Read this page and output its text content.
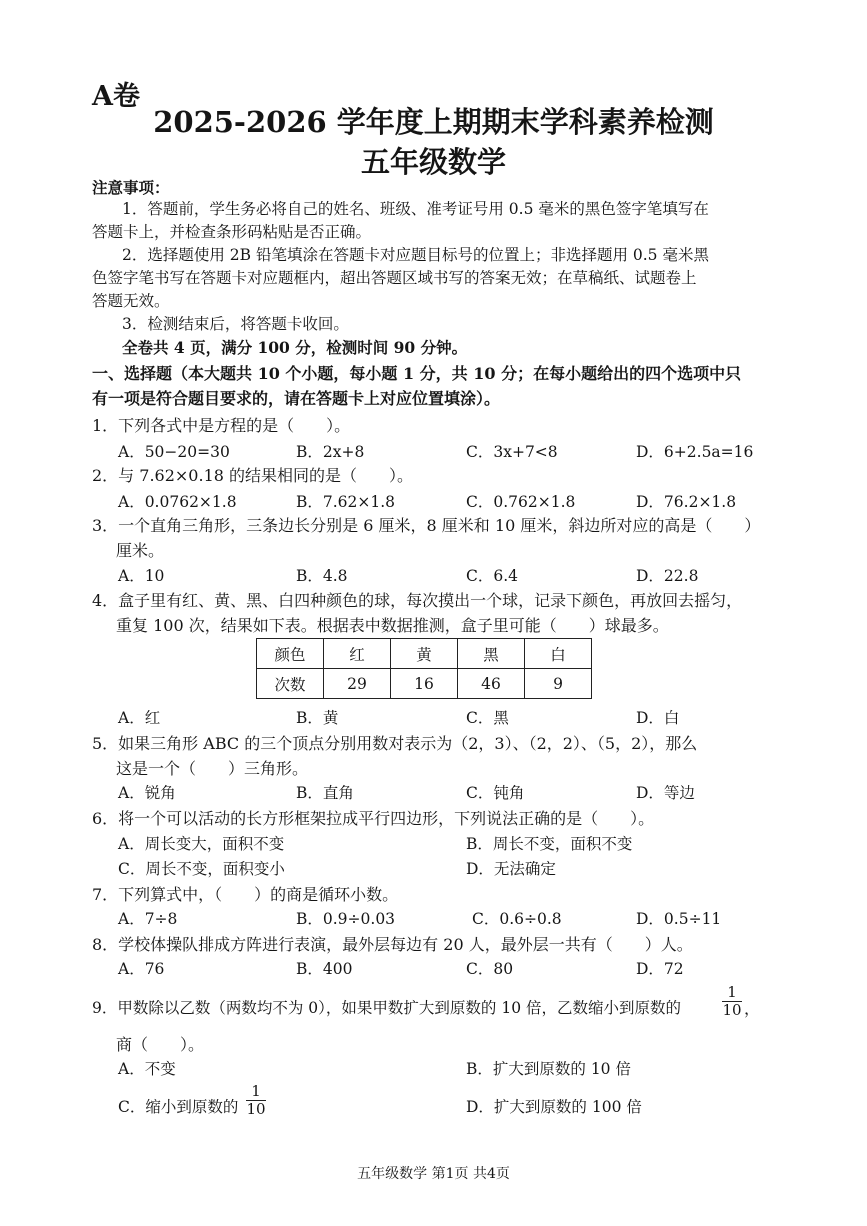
A卷
2025-2026 学年度上期期末学科素养检测
五年级数学
注意事项：
1．答题前，学生务必将自己的姓名、班级、准考证号用 0.5 毫米的黑色签字笔填写在
答题卡上，并检查条形码粘贴是否正确。
2．选择题使用 2B 铅笔填涂在答题卡对应题目标号的位置上；非选择题用 0.5 毫米黑
色签字笔书写在答题卡对应题框内，超出答题区域书写的答案无效；在草稿纸、试题卷上
答题无效。
3．检测结束后，将答题卡收回。
全卷共 4 页，满分 100 分，检测时间 90 分钟。
一、选择题（本大题共 10 个小题，每小题 1 分，共 10 分；在每小题给出的四个选项中只
有一项是符合题目要求的，请在答题卡上对应位置填涂）。
1．下列各式中是方程的是（　　）。
A．50−20=30	B．2x+8	C．3x+7<8	D．6+2.5a=16
2．与 7.62×0.18 的结果相同的是（　　）。
A．0.0762×1.8	B．7.62×1.8	C．0.762×1.8	D．76.2×1.8
3．一个直角三角形，三条边长分别是 6 厘米，8 厘米和 10 厘米，斜边所对应的高是（　　）
厘米。
A．10	B．4.8	C．6.4	D．22.8
4．盒子里有红、黄、黑、白四种颜色的球，每次摸出一个球，记录下颜色，再放回去摇匀，
重复 100 次，结果如下表。根据表中数据推测，盒子里可能（　　）球最多。
颜色	红	黄	黑	白
次数	29	16	46	9
A．红	B．黄	C．黑	D．白
5．如果三角形 ABC 的三个顶点分别用数对表示为（2，3）、（2，2）、（5，2），那么
这是一个（　　）三角形。
A．锐角	B．直角	C．钝角	D．等边
6．将一个可以活动的长方形框架拉成平行四边形，下列说法正确的是（　　）。
A．周长变大，面积不变	B．周长不变，面积不变
C．周长不变，面积变小	D．无法确定
7．下列算式中，（　　）的商是循环小数。
A．7÷8	B．0.9÷0.03	C．0.6÷0.8	D．0.5÷11
8．学校体操队排成方阵进行表演，最外层每边有 20 人，最外层一共有（　　）人。
A．76	B．400	C．80	D．72
9．甲数除以乙数（两数均不为 0），如果甲数扩大到原数的 10 倍，乙数缩小到原数的	$\frac{1}{10}$ ，
商（　　）。
A．不变	B．扩大到原数的 10 倍
C．缩小到原数的 $\frac{1}{10}$	D．扩大到原数的 100 倍
五年级数学 第1页 共4页
